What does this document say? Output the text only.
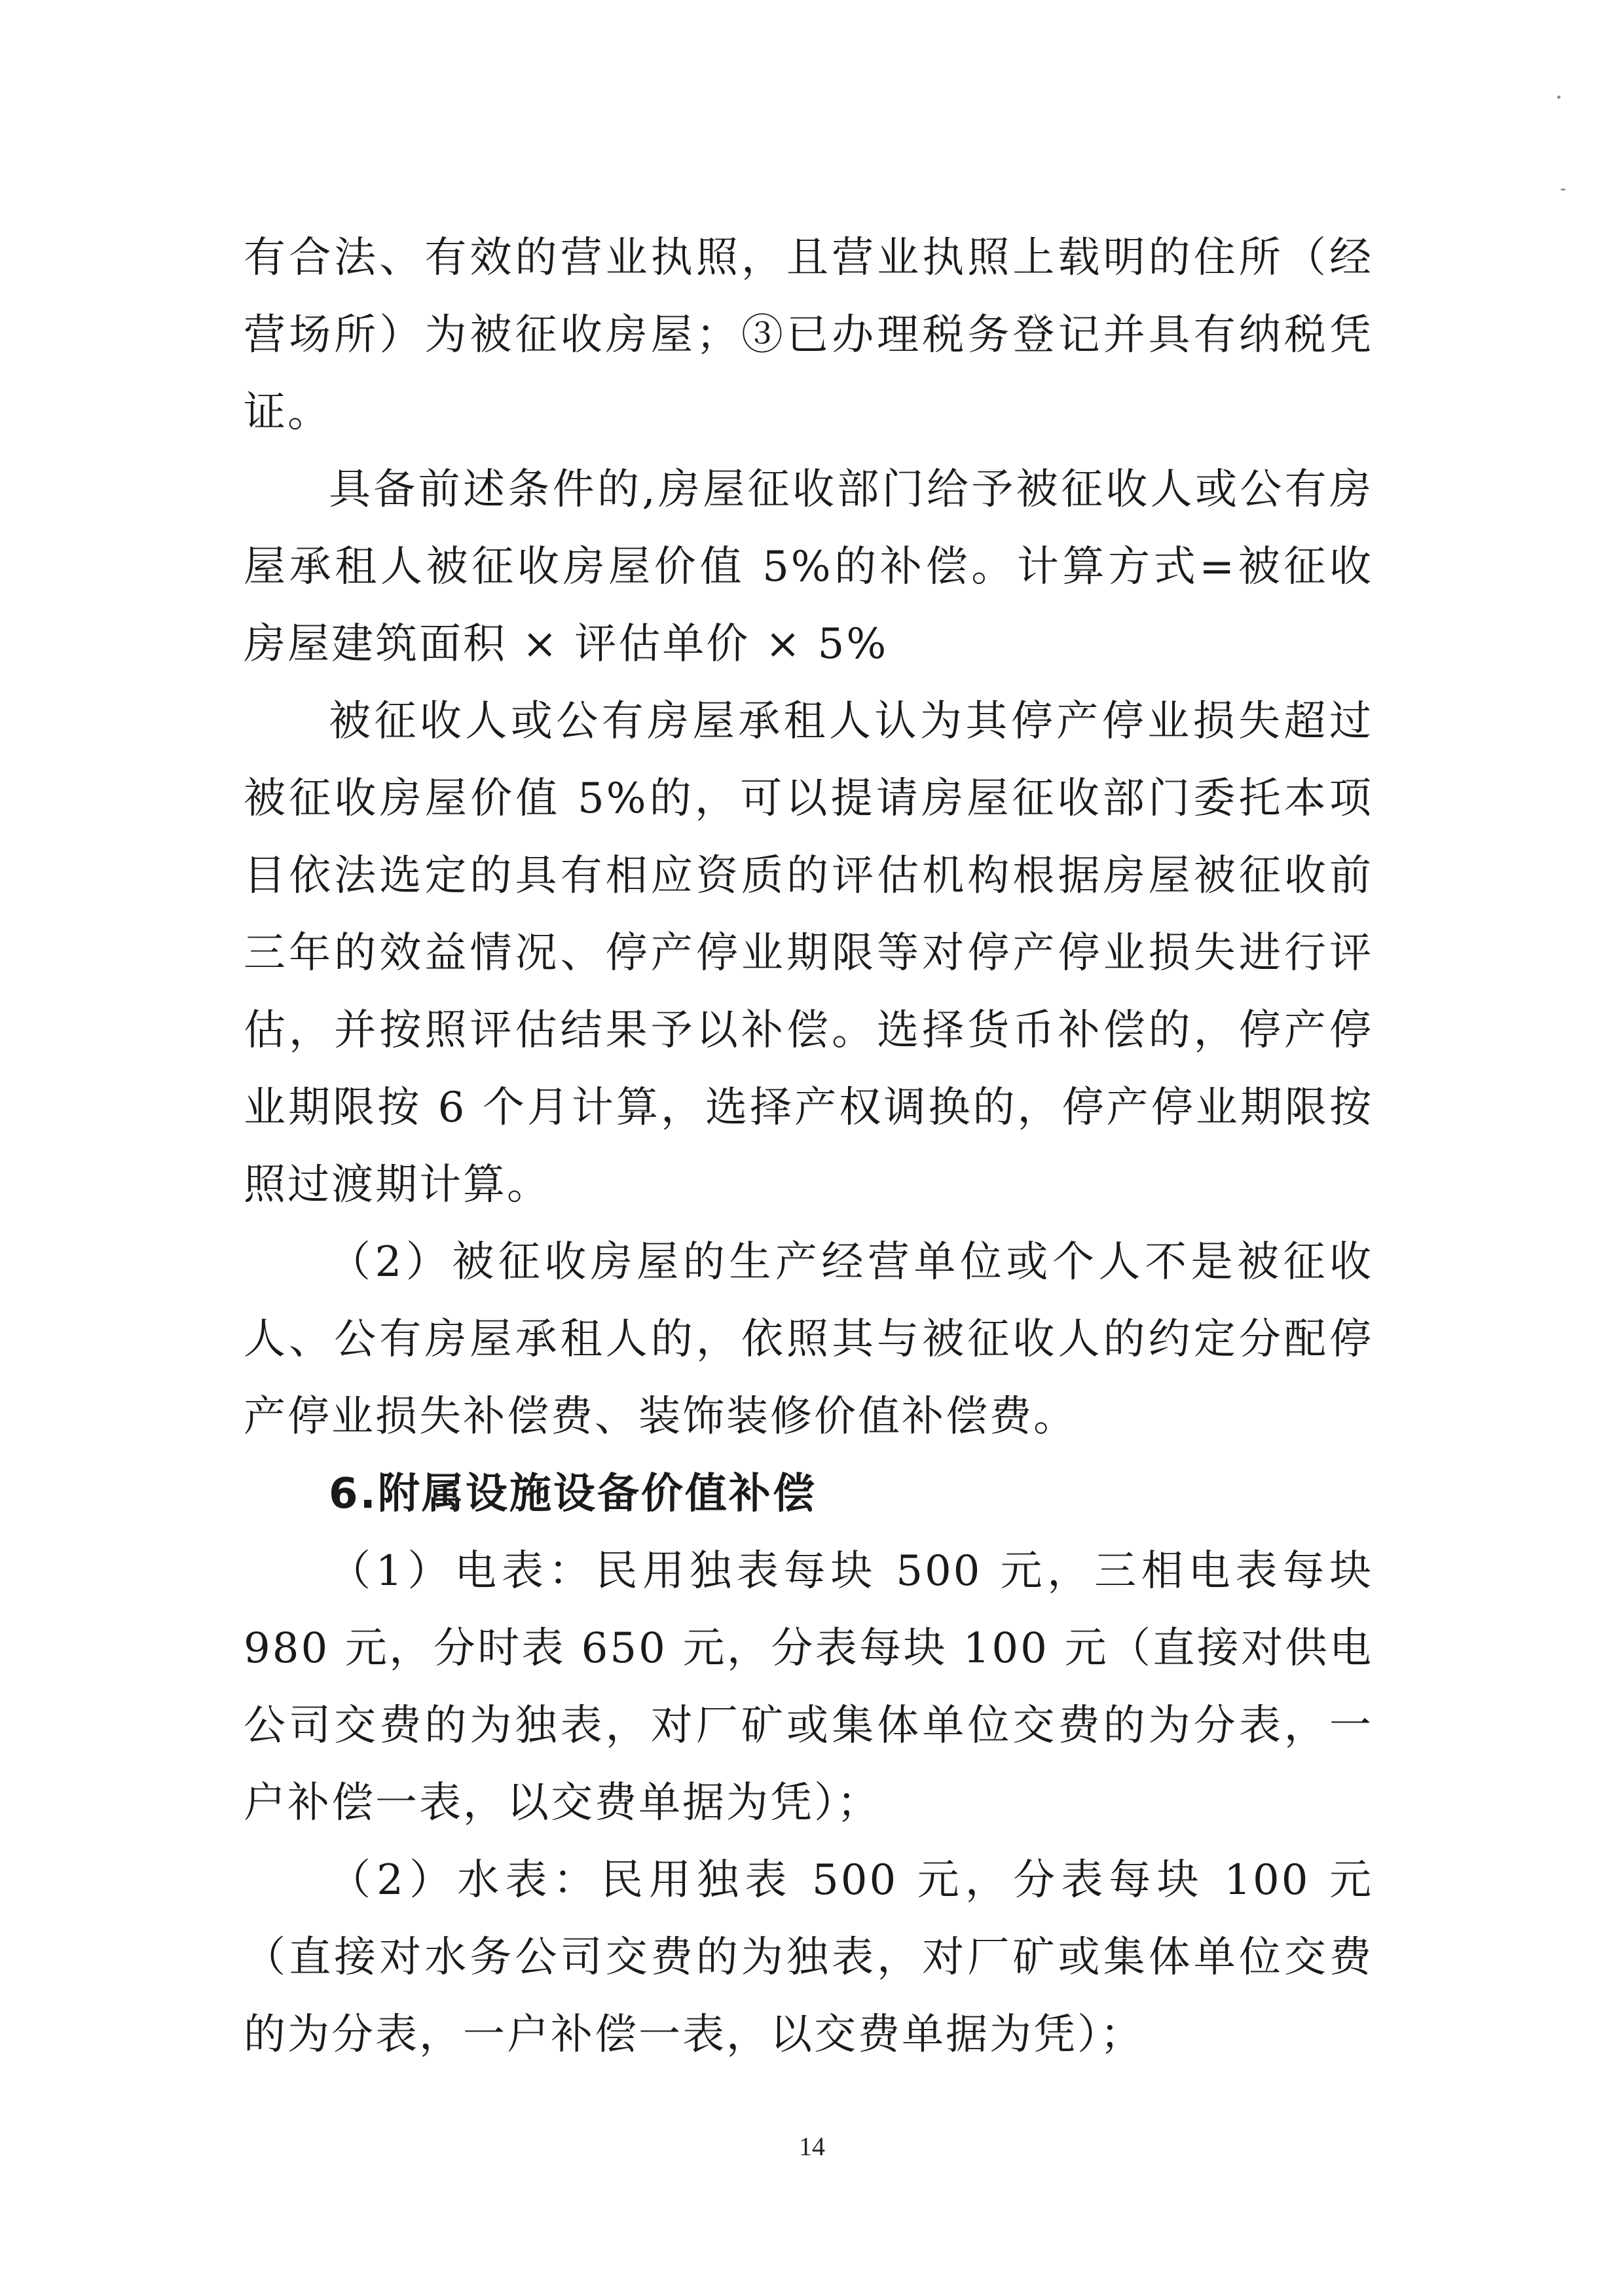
有合法、有效的营业执照，且营业执照上载明的住所（经营场所）为被征收房屋；③已办理税务登记并具有纳税凭证。

具备前述条件的,房屋征收部门给予被征收人或公有房屋承租人被征收房屋价值 5%的补偿。计算方式=被征收房屋建筑面积 × 评估单价 × 5%

被征收人或公有房屋承租人认为其停产停业损失超过被征收房屋价值 5%的，可以提请房屋征收部门委托本项目依法选定的具有相应资质的评估机构根据房屋被征收前三年的效益情况、停产停业期限等对停产停业损失进行评估，并按照评估结果予以补偿。选择货币补偿的，停产停业期限按 6 个月计算，选择产权调换的，停产停业期限按照过渡期计算。

（2）被征收房屋的生产经营单位或个人不是被征收人、公有房屋承租人的，依照其与被征收人的约定分配停产停业损失补偿费、装饰装修价值补偿费。

6.附属设施设备价值补偿

（1）电表：民用独表每块 500 元，三相电表每块 980 元，分时表 650 元，分表每块 100 元（直接对供电公司交费的为独表，对厂矿或集体单位交费的为分表，一户补偿一表，以交费单据为凭）；

（2）水表：民用独表 500 元，分表每块 100 元（直接对水务公司交费的为独表，对厂矿或集体单位交费的为分表，一户补偿一表，以交费单据为凭）；

14
